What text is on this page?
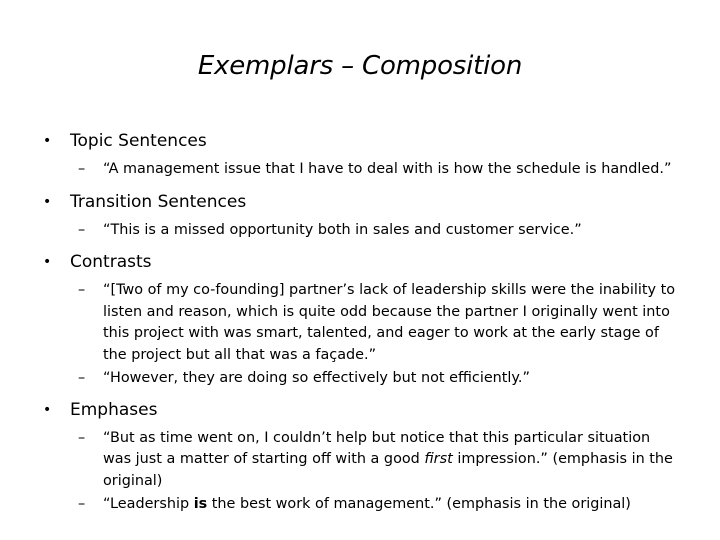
Exemplars – Composition
• Topic Sentences
– “A management issue that I have to deal with is how the schedule is handled.”
• Transition Sentences
– “This is a missed opportunity both in sales and customer service.”
• Contrasts
– “[Two of my co-founding] partner’s lack of leadership skills were the inability to listen and reason, which is quite odd because the partner I originally went into this project with was smart, talented, and eager to work at the early stage of the project but all that was a façade.”
– “However, they are doing so effectively but not efficiently.”
• Emphases
– “But as time went on, I couldn’t help but notice that this particular situation was just a matter of starting off with a good first impression.” (emphasis in the original)
– “Leadership is the best work of management.” (emphasis in the original)
